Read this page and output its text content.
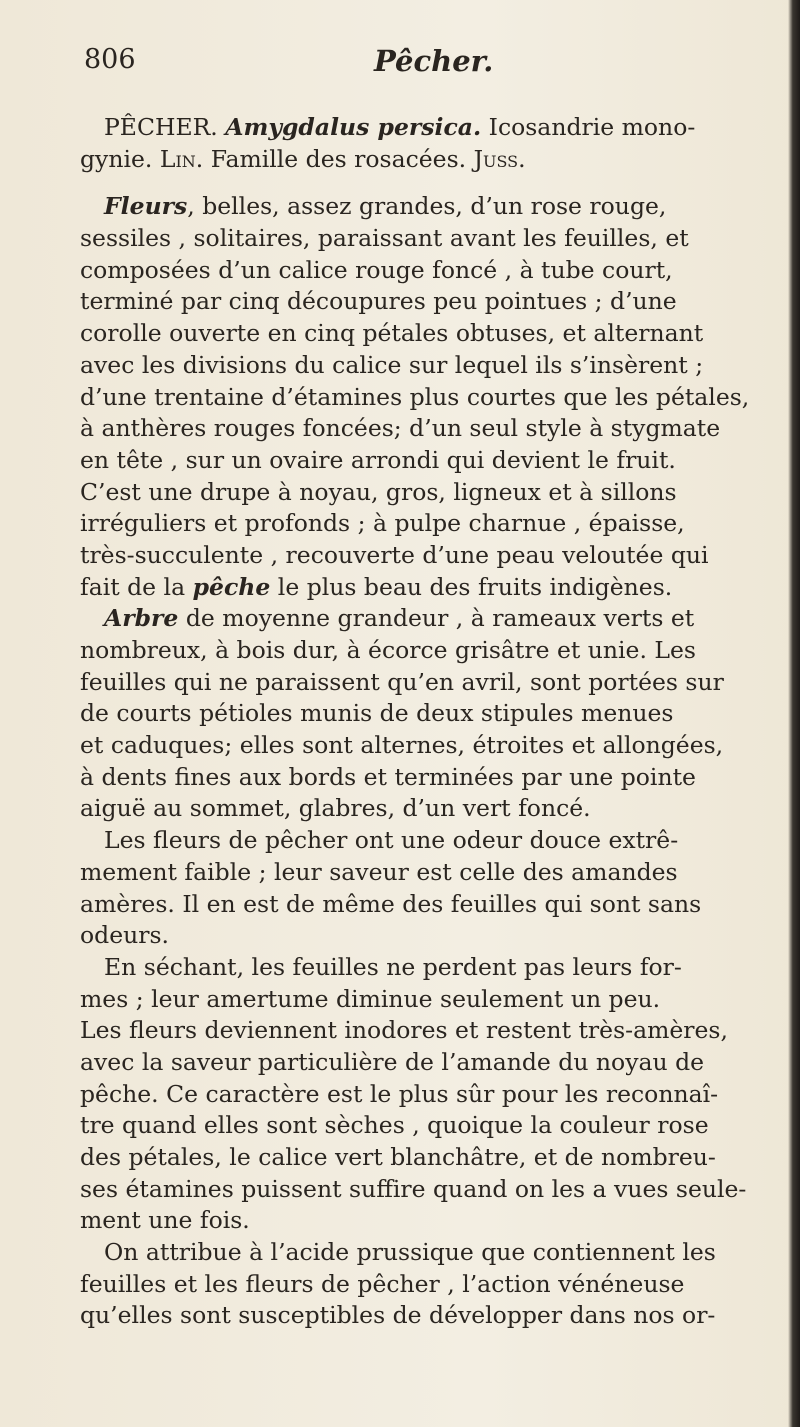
806	Pêcher.
PÊCHER. Amygdalus persica. Icosandrie mono-
gynie. Lin. Famille des rosacées. Juss.
Fleurs, belles, assez grandes, d’un rose rouge,
sessiles , solitaires, paraissant avant les feuilles, et
composées d’un calice rouge foncé , à tube court,
terminé par cinq découpures peu pointues ; d’une
corolle ouverte en cinq pétales obtuses, et alternant
avec les divisions du calice sur lequel ils s’insèrent ;
d’une trentaine d’étamines plus courtes que les pétales,
à anthères rouges foncées; d’un seul style à stygmate
en tête , sur un ovaire arrondi qui devient le fruit.
C’est une drupe à noyau, gros, ligneux et à sillons
irréguliers et profonds ; à pulpe charnue , épaisse,
très-succulente , recouverte d’une peau veloutée qui
fait de la pêche le plus beau des fruits indigènes.
Arbre de moyenne grandeur , à rameaux verts et
nombreux, à bois dur, à écorce grisâtre et unie. Les
feuilles qui ne paraissent qu’en avril, sont portées sur
de courts pétioles munis de deux stipules menues
et caduques; elles sont alternes, étroites et allongées,
à dents fines aux bords et terminées par une pointe
aiguë au sommet, glabres, d’un vert foncé.
Les fleurs de pêcher ont une odeur douce extrê-
mement faible ; leur saveur est celle des amandes
amères. Il en est de même des feuilles qui sont sans
odeurs.
En séchant, les feuilles ne perdent pas leurs for-
mes ; leur amertume diminue seulement un peu.
Les fleurs deviennent inodores et restent très-amères,
avec la saveur particulière de l’amande du noyau de
pêche. Ce caractère est le plus sûr pour les reconnaî-
tre quand elles sont sèches , quoique la couleur rose
des pétales, le calice vert blanchâtre, et de nombreu-
ses étamines puissent suffire quand on les a vues seule-
ment une fois.
On attribue à l’acide prussique que contiennent les
feuilles et les fleurs de pêcher , l’action vénéneuse
qu’elles sont susceptibles de développer dans nos or-
